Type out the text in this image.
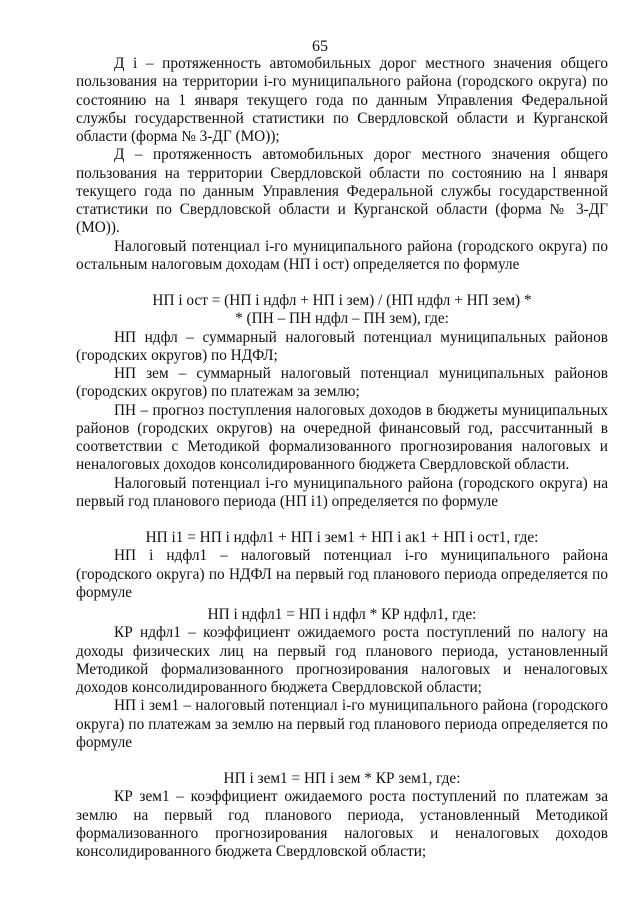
65

Д i – протяженность автомобильных дорог местного значения общего пользования на территории i-го муниципального района (городского округа) по состоянию на 1 января текущего года по данным Управления Федеральной службы государственной статистики по Свердловской области и Курганской области (форма № 3-ДГ (МО));

Д – протяженность автомобильных дорог местного значения общего пользования на территории Свердловской области по состоянию на l января текущего года по данным Управления Федеральной службы государственной статистики по Свердловской области и Курганской области (форма № 3-ДГ (МО)).

Налоговый потенциал i-го муниципального района (городского округа) по остальным налоговым доходам (НП i ост) определяется по формуле

НП i ост = (НП i ндфл + НП i зем) / (НП ндфл + НП зем) *

* (ПН – ПН ндфл – ПН зем), где:

НП ндфл – суммарный налоговый потенциал муниципальных районов (городских округов) по НДФЛ;

НП зем – суммарный налоговый потенциал муниципальных районов (городских округов) по платежам за землю;

ПН – прогноз поступления налоговых доходов в бюджеты муниципальных районов (городских округов) на очередной финансовый год, рассчитанный в соответствии с Методикой формализованного прогнозирования налоговых и неналоговых доходов консолидированного бюджета Свердловской области.

Налоговый потенциал i-го муниципального района (городского округа) на первый год планового периода (НП i1) определяется по формуле

НП i1 = НП i ндфл1 + НП i зем1 + НП i ак1 + НП i ост1, где:

НП i ндфл1 – налоговый потенциал i-го муниципального района (городского округа) по НДФЛ на первый год планового периода определяется по формуле

НП i ндфл1 = НП i ндфл * КР ндфл1, где:

КР ндфл1 – коэффициент ожидаемого роста поступлений по налогу на доходы физических лиц на первый год планового периода, установленный Методикой формализованного прогнозирования налоговых и неналоговых доходов консолидированного бюджета Свердловской области;

НП i зем1 – налоговый потенциал i-го муниципального района (городского округа) по платежам за землю на первый год планового периода определяется по формуле

НП i зем1 = НП i зем * КР зем1, где:

КР зем1 – коэффициент ожидаемого роста поступлений по платежам за землю на первый год планового периода, установленный Методикой формализованного прогнозирования налоговых и неналоговых доходов консолидированного бюджета Свердловской области;
